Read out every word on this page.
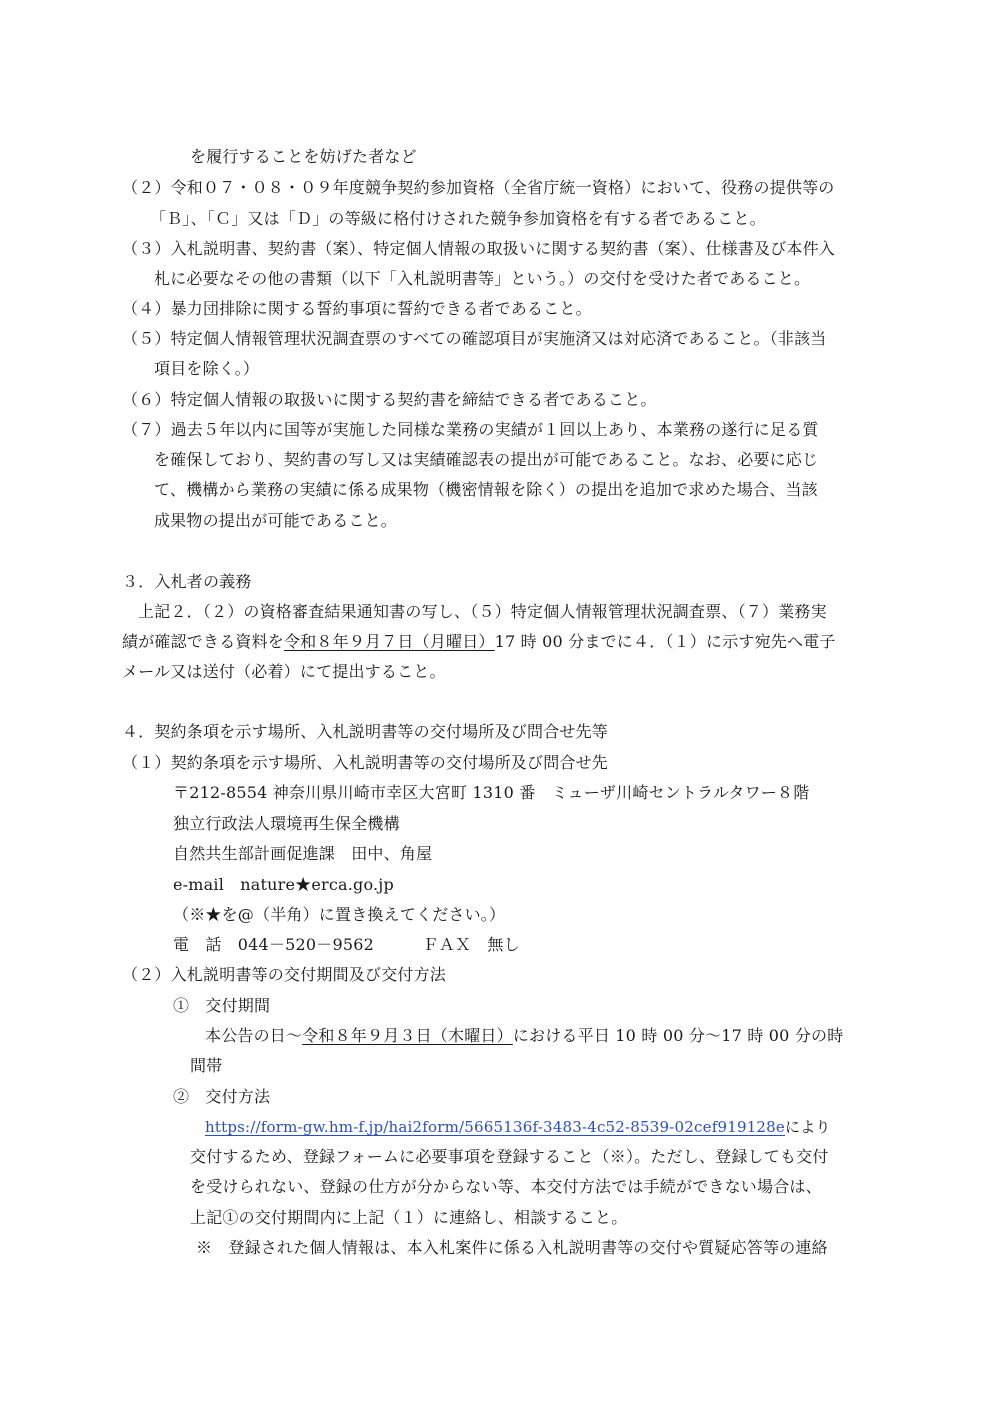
を履行することを妨げた者など
（２）令和０７・０８・０９年度競争契約参加資格（全省庁統一資格）において、役務の提供等の
「Ｂ」、「Ｃ」又は「Ｄ」の等級に格付けされた競争参加資格を有する者であること。
（３）入札説明書、契約書（案）、特定個人情報の取扱いに関する契約書（案）、仕様書及び本件入
札に必要なその他の書類（以下「入札説明書等」という。）の交付を受けた者であること。
（４）暴力団排除に関する誓約事項に誓約できる者であること。
（５）特定個人情報管理状況調査票のすべての確認項目が実施済又は対応済であること。（非該当
項目を除く。）
（６）特定個人情報の取扱いに関する契約書を締結できる者であること。
（７）過去５年以内に国等が実施した同様な業務の実績が１回以上あり、本業務の遂行に足る質
を確保しており、契約書の写し又は実績確認表の提出が可能であること。なお、必要に応じ
て、機構から業務の実績に係る成果物（機密情報を除く）の提出を追加で求めた場合、当該
成果物の提出が可能であること。
３．入札者の義務
上記２．（２）の資格審査結果通知書の写し、（５）特定個人情報管理状況調査票、（７）業務実
績が確認できる資料を令和８年９月７日（月曜日）17 時 00 分までに４．（１）に示す宛先へ電子
メール又は送付（必着）にて提出すること。
４．契約条項を示す場所、入札説明書等の交付場所及び問合せ先等
（１）契約条項を示す場所、入札説明書等の交付場所及び問合せ先
〒212-8554 神奈川県川崎市幸区大宮町 1310 番　ミューザ川崎セントラルタワー８階
独立行政法人環境再生保全機構
自然共生部計画促進課　田中、角屋
e-mail　nature★erca.go.jp
（※★を@（半角）に置き換えてください。）
電　話　044－520－9562　　　ＦＡＸ　無し
（２）入札説明書等の交付期間及び交付方法
①　交付期間
本公告の日～令和８年９月３日（木曜日）における平日 10 時 00 分～17 時 00 分の時
間帯
②　交付方法
https://form-gw.hm-f.jp/hai2form/5665136f-3483-4c52-8539-02cef919128eにより
交付するため、登録フォームに必要事項を登録すること（※）。ただし、登録しても交付
を受けられない、登録の仕方が分からない等、本交付方法では手続ができない場合は、
上記①の交付期間内に上記（１）に連絡し、相談すること。
※　登録された個人情報は、本入札案件に係る入札説明書等の交付や質疑応答等の連絡
